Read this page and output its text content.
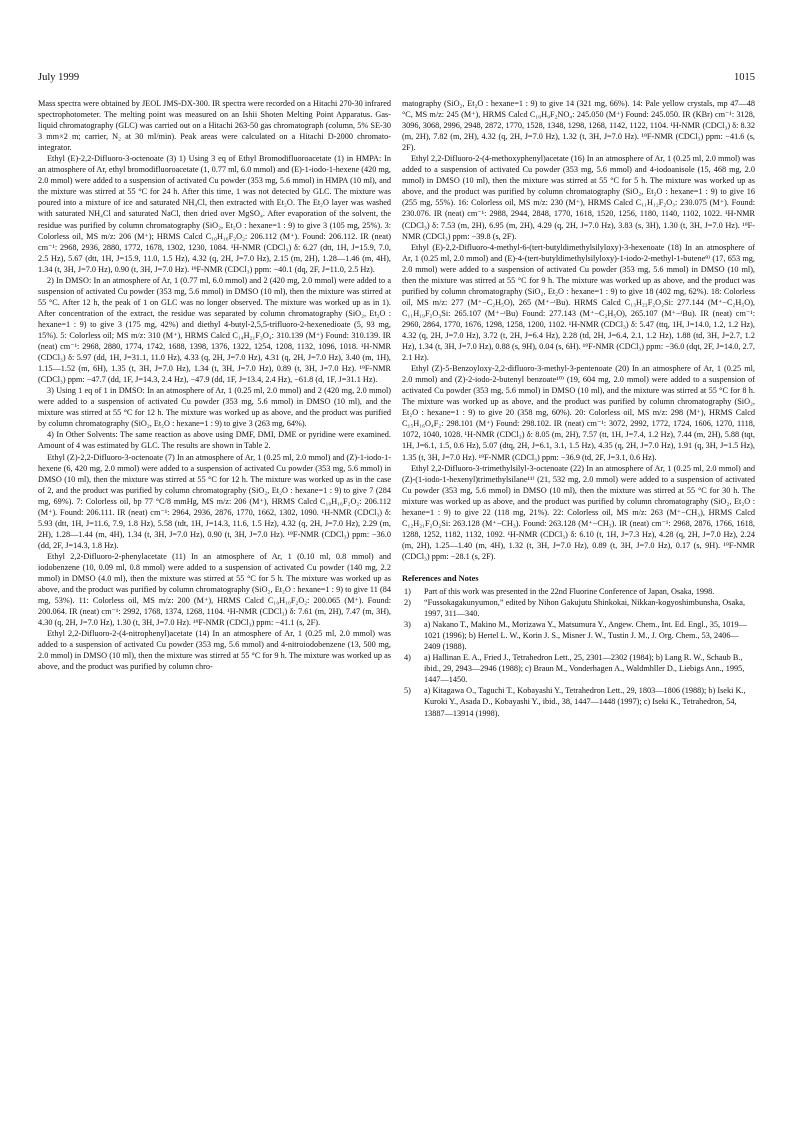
July 1999	1015

Mass spectra were obtained by JEOL JMS-DX-300. IR spectra were recorded on a Hitachi 270-30 infrared spectrophotometer. The melting point was measured on an Ishii Shoten Melting Point Apparatus. Gas-liquid chromatography (GLC) was carried out on a Hitachi 263-50 gas chromatograph (column, 5% SE-30 3 mm×2 m; carrier, N₂ at 30 ml/min). Peak areas were calculated on a Hitachi D-2000 chromato-integrator.

Ethyl (E)-2,2-Difluoro-3-octenoate (3) 1) Using 3 eq of Ethyl Bromodifluoroacetate (1) in HMPA: In an atmosphere of Ar, ethyl bromodifluoroacetate (1, 0.77 ml, 6.0 mmol) and (E)-1-iodo-1-hexene (420 mg, 2.0 mmol) were added to a suspension of activated Cu powder (353 mg, 5.6 mmol) in HMPA (10 ml), and the mixture was stirred at 55 °C for 24 h. After this time, 1 was not detected by GLC. The mixture was poured into a mixture of ice and saturated NH₄Cl, then extracted with Et₂O. The Et₂O layer was washed with saturated NH₄Cl and saturated NaCl, then dried over MgSO₄. After evaporation of the solvent, the residue was purified by column chromatography (SiO₂, Et₂O : hexane=1 : 9) to give 3 (105 mg, 25%). 3: Colorless oil, MS m/z: 206 (M⁺); HRMS Calcd C₁₀H₁₆F₂O₂: 206.112 (M⁺). Found: 206.112. IR (neat) cm⁻¹: 2968, 2936, 2880, 1772, 1678, 1302, 1230, 1084. ¹H-NMR (CDCl₃) δ: 6.27 (dtt, 1H, J=15.9, 7.0, 2.5 Hz), 5.67 (dtt, 1H, J=15.9, 11.0, 1.5 Hz), 4.32 (q, 2H, J=7.0 Hz), 2.15 (m, 2H), 1.28—1.46 (m, 4H), 1.34 (t, 3H, J=7.0 Hz), 0.90 (t, 3H, J=7.0 Hz). ¹⁹F-NMR (CDCl₃) ppm: −40.1 (dq, 2F, J=11.0, 2.5 Hz).

2) In DMSO: In an atmosphere of Ar, 1 (0.77 ml, 6.0 mmol) and 2 (420 mg, 2.0 mmol) were added to a suspension of activated Cu powder (353 mg, 5.6 mmol) in DMSO (10 ml), then the mixture was stirred at 55 °C. After 12 h, the peak of 1 on GLC was no longer observed. The mixture was worked up as in 1). After concentration of the extract, the residue was separated by column chromatography (SiO₂, Et₂O : hexane=1 : 9) to give 3 (175 mg, 42%) and diethyl 4-butyl-2,5,5-trifluoro-2-hexenedioate (5, 93 mg, 15%). 5: Colorless oil; MS m/z: 310 (M⁺), HRMS Calcd C₁₄H₂₁F₃O₄: 310.139 (M⁺) Found: 310.139. IR (neat) cm⁻¹: 2968, 2880, 1774, 1742, 1688, 1398, 1376, 1322, 1254, 1208, 1132, 1096, 1018. ¹H-NMR (CDCl₃) δ: 5.97 (dd, 1H, J=31.1, 11.0 Hz), 4.33 (q, 2H, J=7.0 Hz), 4.31 (q, 2H, J=7.0 Hz), 3.40 (m, 1H), 1.15—1.52 (m, 6H), 1.35 (t, 3H, J=7.0 Hz), 1.34 (t, 3H, J=7.0 Hz), 0.89 (t, 3H, J=7.0 Hz). ¹⁹F-NMR (CDCl₃) ppm: −47.7 (dd, 1F, J=14.3, 2.4 Hz), −47.9 (dd, 1F, J=13.4, 2.4 Hz), −61.8 (d, 1F, J=31.1 Hz).

3) Using 1 eq of 1 in DMSO: In an atmosphere of Ar, 1 (0.25 ml, 2.0 mmol) and 2 (420 mg, 2.0 mmol) were added to a suspension of activated Cu powder (353 mg, 5.6 mmol) in DMSO (10 ml), and the mixture was stirred at 55 °C for 12 h. The mixture was worked up as above, and the product was purified by column chromatography (SiO₂, Et₂O : hexane=1 : 9) to give 3 (263 mg, 64%).

4) In Other Solvents: The same reaction as above using DMF, DMI, DME or pyridine were examined. Amount of 4 was estimated by GLC. The results are shown in Table 2.

Ethyl (Z)-2,2-Difluoro-3-octenoate (7) In an atmosphere of Ar, 1 (0.25 ml, 2.0 mmol) and (Z)-1-iodo-1-hexene (6, 420 mg, 2.0 mmol) were added to a suspension of activated Cu powder (353 mg, 5.6 mmol) in DMSO (10 ml), then the mixture was stirred at 55 °C for 12 h. The mixture was worked up as in the case of 2, and the product was purified by column chromatography (SiO₂, Et₂O : hexane=1 : 9) to give 7 (284 mg, 69%). 7: Colorless oil, bp 77 °C/8 mmHg, MS m/z: 206 (M⁺), HRMS Calcd C₁₀H₁₆F₂O₂: 206.112 (M⁺). Found: 206.111. IR (neat) cm⁻¹: 2964, 2936, 2876, 1770, 1662, 1302, 1090. ¹H-NMR (CDCl₃) δ: 5.93 (dtt, 1H, J=11.6, 7.9, 1.8 Hz), 5.58 (tdt, 1H, J=14.3, 11.6, 1.5 Hz), 4.32 (q, 2H, J=7.0 Hz), 2.29 (m, 2H), 1.28—1.44 (m, 4H), 1.34 (t, 3H, J=7.0 Hz), 0.90 (t, 3H, J=7.0 Hz). ¹⁹F-NMR (CDCl₃) ppm: −36.0 (dd, 2F, J=14.3, 1.8 Hz).

Ethyl 2,2-Difluoro-2-phenylacetate (11) In an atmosphere of Ar, 1 (0.10 ml, 0.8 mmol) and iodobenzene (10, 0.09 ml, 0.8 mmol) were added to a suspension of activated Cu powder (140 mg, 2.2 mmol) in DMSO (4.0 ml), then the mixture was stirred at 55 °C for 5 h. The mixture was worked up as above, and the product was purified by column chromatography (SiO₂, Et₂O : hexane=1 : 9) to give 11 (84 mg, 53%). 11: Colorless oil, MS m/z: 200 (M⁺), HRMS Calcd C₁₀H₁₀F₂O₂: 200.065 (M⁺). Found: 200.064. IR (neat) cm⁻¹: 2992, 1768, 1374, 1268, 1104. ¹H-NMR (CDCl₃) δ: 7.61 (m, 2H), 7.47 (m, 3H), 4.30 (q, 2H, J=7.0 Hz), 1.30 (t, 3H, J=7.0 Hz). ¹⁹F-NMR (CDCl₃) ppm: −41.1 (s, 2F).

Ethyl 2,2-Difluoro-2-(4-nitrophenyl)acetate (14) In an atmosphere of Ar, 1 (0.25 ml, 2.0 mmol) was added to a suspension of activated Cu powder (353 mg, 5.6 mmol) and 4-nitroiodobenzene (13, 500 mg, 2.0 mmol) in DMSO (10 ml), then the mixture was stirred at 55 °C for 9 h. The mixture was worked up as above, and the product was purified by column chro-

matography (SiO₂, Et₂O : hexane=1 : 9) to give 14 (321 mg, 66%). 14: Pale yellow crystals, mp 47—48 °C, MS m/z: 245 (M⁺), HRMS Calcd C₁₀H₉F₂NO₄: 245.050 (M⁺) Found: 245.050. IR (KBr) cm⁻¹: 3128, 3096, 3068, 2996, 2948, 2872, 1770, 1528, 1348, 1298, 1268, 1142, 1122, 1104. ¹H-NMR (CDCl₃) δ: 8.32 (m, 2H), 7.82 (m, 2H), 4.32 (q, 2H, J=7.0 Hz), 1.32 (t, 3H, J=7.0 Hz). ¹⁹F-NMR (CDCl₃) ppm: −41.6 (s, 2F).

Ethyl 2,2-Difluoro-2-(4-methoxyphenyl)acetate (16) In an atmosphere of Ar, 1 (0.25 ml, 2.0 mmol) was added to a suspension of activated Cu powder (353 mg, 5.6 mmol) and 4-iodoanisole (15, 468 mg, 2.0 mmol) in DMSO (10 ml), then the mixture was stirred at 55 °C for 5 h. The mixture was worked up as above, and the product was purified by column chromatography (SiO₂, Et₂O : hexane=1 : 9) to give 16 (255 mg, 55%). 16: Colorless oil, MS m/z: 230 (M⁺), HRMS Calcd C₁₁H₁₂F₂O₃: 230.075 (M⁺). Found: 230.076. IR (neat) cm⁻¹: 2988, 2944, 2848, 1770, 1618, 1520, 1256, 1180, 1140, 1102, 1022. ¹H-NMR (CDCl₃) δ: 7.53 (m, 2H), 6.95 (m, 2H), 4.29 (q, 2H, J=7.0 Hz), 3.83 (s, 3H), 1.30 (t, 3H, J=7.0 Hz). ¹⁹F-NMR (CDCl₃) ppm: −39.8 (s, 2F).

Ethyl (E)-2,2-Difluoro-4-methyl-6-(tert-butyldimethylsilyloxy)-3-hexenoate (18) In an atmosphere of Ar, 1 (0.25 ml, 2.0 mmol) and (E)-4-(tert-butyldimethylsilyloxy)-1-iodo-2-methyl-1-butene⁹⁾ (17, 653 mg, 2.0 mmol) were added to a suspension of activated Cu powder (353 mg, 5.6 mmol) in DMSO (10 ml), then the mixture was stirred at 55 °C for 9 h. The mixture was worked up as above, and the product was purified by column chromatography (SiO₂, Et₂O : hexane=1 : 9) to give 18 (402 mg, 62%). 18: Colorless oil, MS m/z: 277 (M⁺−C₂H₅O), 265 (M⁺−ᵗBu). HRMS Calcd C₁₃H₂₃F₂O₂Si: 277.144 (M⁺−C₂H₅O), C₁₁H₁₉F₂O₃Si: 265.107 (M⁺−ᵗBu) Found: 277.143 (M⁺−C₂H₅O), 265.107 (M⁺−ᵗBu). IR (neat) cm⁻¹: 2960, 2864, 1770, 1676, 1298, 1258, 1200, 1102. ¹H-NMR (CDCl₃) δ: 5.47 (ttq, 1H, J=14.0, 1.2, 1.2 Hz), 4.32 (q, 2H, J=7.0 Hz), 3.72 (t, 2H, J=6.4 Hz), 2.28 (td, 2H, J=6.4, 2.1, 1.2 Hz), 1.88 (td, 3H, J=2.7, 1.2 Hz), 1.34 (t, 3H, J=7.0 Hz), 0.88 (s, 9H), 0.04 (s, 6H). ¹⁹F-NMR (CDCl₃) ppm: −36.0 (dqt, 2F, J=14.0, 2.7, 2.1 Hz).

Ethyl (Z)-5-Benzoyloxy-2,2-difluoro-3-methyl-3-pentenoate (20) In an atmosphere of Ar, 1 (0.25 ml, 2.0 mmol) and (Z)-2-iodo-2-butenyl benzoate¹⁰⁾ (19, 604 mg, 2.0 mmol) were added to a suspension of activated Cu powder (353 mg, 5.6 mmol) in DMSO (10 ml), and the mixture was stirred at 55 °C for 8 h. The mixture was worked up as above, and the product was purified by column chromatography (SiO₂, Et₂O : hexane=1 : 9) to give 20 (358 mg, 60%). 20: Colorless oil, MS m/z: 298 (M⁺), HRMS Calcd C₁₅H₁₆O₄F₂: 298.101 (M⁺) Found: 298.102. IR (neat) cm⁻¹: 3072, 2992, 1772, 1724, 1606, 1270, 1118, 1072, 1040, 1028. ¹H-NMR (CDCl₃) δ: 8.05 (m, 2H), 7.57 (tt, 1H, J=7.4, 1.2 Hz), 7.44 (m, 2H), 5.88 (tqt, 1H, J=6.1, 1.5, 0.6 Hz), 5.07 (dtq, 2H, J=6.1, 3.1, 1.5 Hz), 4.35 (q, 2H, J=7.0 Hz), 1.91 (q, 3H, J=1.5 Hz), 1.35 (t, 3H, J=7.0 Hz). ¹⁹F-NMR (CDCl₃) ppm: −36.9 (td, 2F, J=3.1, 0.6 Hz).

Ethyl 2,2-Difluoro-3-trimethylsilyl-3-octenoate (22) In an atmosphere of Ar, 1 (0.25 ml, 2.0 mmol) and (Z)-(1-iodo-1-hexenyl)trimethylsilane¹¹⁾ (21, 532 mg, 2.0 mmol) were added to a suspension of activated Cu powder (353 mg, 5.6 mmol) in DMSO (10 ml), then the mixture was stirred at 55 °C for 30 h. The mixture was worked up as above, and the product was purified by column chromatography (SiO₂, Et₂O : hexane=1 : 9) to give 22 (118 mg, 21%). 22: Colorless oil, MS m/z: 263 (M⁺−CH₃), HRMS Calcd C₁₂H₂₁F₂O₂Si: 263.128 (M⁺−CH₃). Found: 263.128 (M⁺−CH₃). IR (neat) cm⁻¹: 2968, 2876, 1766, 1618, 1288, 1252, 1182, 1132, 1092. ¹H-NMR (CDCl₃) δ: 6.10 (t, 1H, J=7.3 Hz), 4.28 (q, 2H, J=7.0 Hz), 2.24 (m, 2H), 1.25—1.40 (m, 4H), 1.32 (t, 3H, J=7.0 Hz), 0.89 (t, 3H, J=7.0 Hz), 0.17 (s, 9H). ¹⁹F-NMR (CDCl₃) ppm: −28.1 (s, 2F).

References and Notes
1)	Part of this work was presented in the 22nd Fluorine Conference of Japan, Osaka, 1998.
2)	“Fussokagakunyumon,” edited by Nihon Gakujutu Shinkokai, Nikkan-kogyoshimbunsha, Osaka, 1997, 311—340.
3)	a) Nakano T., Makino M., Morizawa Y., Matsumura Y., Angew. Chem., Int. Ed. Engl., 35, 1019—1021 (1996); b) Hertel L. W., Korin J. S., Misner J. W., Tustin J. M., J. Org. Chem., 53, 2406—2409 (1988).
4)	a) Hallinan E. A., Fried J., Tetrahedron Lett., 25, 2301—2302 (1984); b) Lang R. W., Schaub B., ibid., 29, 2943—2946 (1988); c) Braun M., Vonderhagen A., Waldmhller D., Liebigs Ann., 1995, 1447—1450.
5)	a) Kitagawa O., Taguchi T., Kobayashi Y., Tetrahedron Lett., 29, 1803—1806 (1988); b) Iseki K., Kuroki Y., Asada D., Kobayashi Y., ibid., 38, 1447—1448 (1997); c) Iseki K., Tetrahedron, 54, 13887—13914 (1998).
